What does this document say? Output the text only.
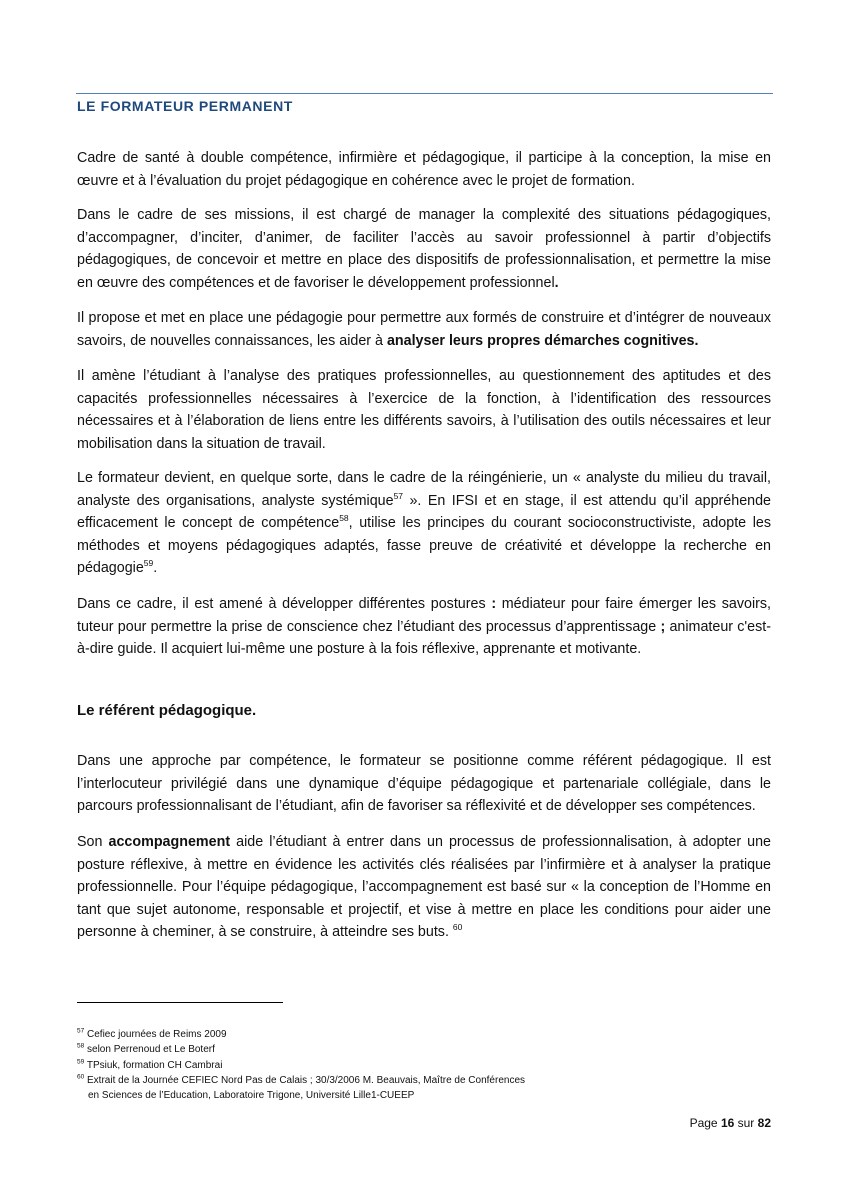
LE FORMATEUR PERMANENT

Cadre de santé à double compétence, infirmière et pédagogique, il participe à la conception, la mise en œuvre et à l’évaluation du projet pédagogique en cohérence avec le projet de formation.

Dans le cadre de ses missions, il est chargé de manager la complexité des situations pédagogiques, d’accompagner, d’inciter, d’animer, de faciliter l’accès au savoir professionnel à partir d’objectifs pédagogiques, de concevoir et mettre en place des dispositifs de professionnalisation, et permettre la mise en œuvre des compétences et de favoriser le développement professionnel.

Il propose et met en place une pédagogie pour permettre aux formés de construire et d’intégrer de nouveaux savoirs, de nouvelles connaissances, les aider à analyser leurs propres démarches cognitives.

Il amène l’étudiant à l’analyse des pratiques professionnelles, au questionnement des aptitudes et des capacités professionnelles nécessaires à l’exercice de la fonction, à l’identification des ressources nécessaires et à l’élaboration de liens entre les différents savoirs, à l’utilisation des outils nécessaires et leur mobilisation dans la situation de travail.

Le formateur devient, en quelque sorte, dans le cadre de la réingénierie, un « analyste du milieu du travail, analyste des organisations, analyste systémique$^{57}$ ». En IFSI et en stage, il est attendu qu’il appréhende efficacement le concept de compétence$^{58}$, utilise les principes du courant socioconstructiviste, adopte les méthodes et moyens pédagogiques adaptés, fasse preuve de créativité et développe la recherche en pédagogie$^{59}$.

Dans ce cadre, il est amené à développer différentes postures : médiateur pour faire émerger les savoirs, tuteur pour permettre la prise de conscience chez l’étudiant des processus d’apprentissage ; animateur c'est-à-dire guide. Il acquiert lui-même une posture à la fois réflexive, apprenante et motivante.

Le référent pédagogique.

Dans une approche par compétence, le formateur se positionne comme référent pédagogique. Il est l’interlocuteur privilégié dans une dynamique d’équipe pédagogique et partenariale collégiale, dans le parcours professionnalisant de l’étudiant, afin de favoriser sa réflexivité et de développer ses compétences.

Son accompagnement aide l’étudiant à entrer dans un processus de professionnalisation, à adopter une posture réflexive, à mettre en évidence les activités clés réalisées par l’infirmière et à analyser la pratique professionnelle. Pour l’équipe pédagogique, l’accompagnement est basé sur « la conception de l’Homme en tant que sujet autonome, responsable et projectif, et vise à mettre en place les conditions pour aider une personne à cheminer, à se construire, à atteindre ses buts. $^{60}$

$^{57}$ Cefiec journées de Reims 2009

$^{58}$ selon Perrenoud et Le Boterf

$^{59}$ TPsiuk, formation CH Cambrai

$^{60}$ Extrait de la Journée CEFIEC Nord Pas de Calais ; 30/3/2006 M. Beauvais, Maître de Conférences

en Sciences de l’Education, Laboratoire Trigone, Université Lille1-CUEEP

Page 16 sur 82
